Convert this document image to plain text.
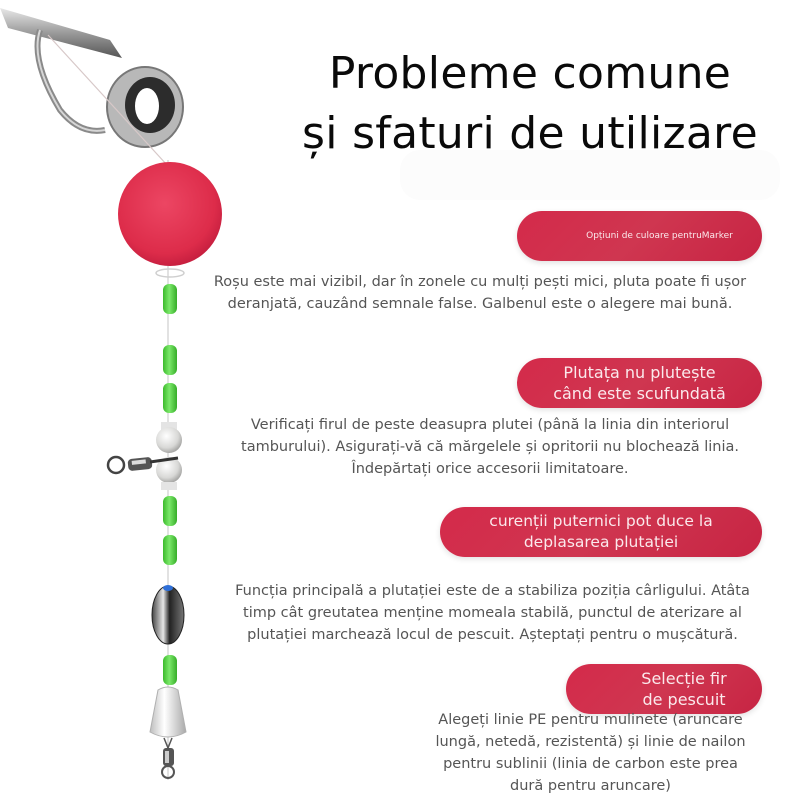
Probleme comune
și sfaturi de utilizare
Opțiuni de culoare pentruMarker
Roșu este mai vizibil, dar în zonele cu mulți pești mici, pluta poate fi ușor deranjată, cauzând semnale false. Galbenul este o alegere mai bună.
Plutața nu plutește
când este scufundată
Verificați firul de peste deasupra plutei (până la linia din interiorul
tamburului). Asigurați-vă că mărgelele și opritorii nu blochează linia.
Îndepărtați orice accesorii limitatoare.
curenții puternici pot duce la
deplasarea plutației
Funcția principală a plutației este de a stabiliza poziția cârligului. Atâta
timp cât greutatea menține momeala stabilă, punctul de aterizare al
plutației marchează locul de pescuit. Așteptați pentru o mușcătură.
Selecție fir
de pescuit
Alegeți linie PE pentru mulinete (aruncare
lungă, netedă, rezistentă) și linie de nailon
pentru sublinii (linia de carbon este prea
dură pentru aruncare)
